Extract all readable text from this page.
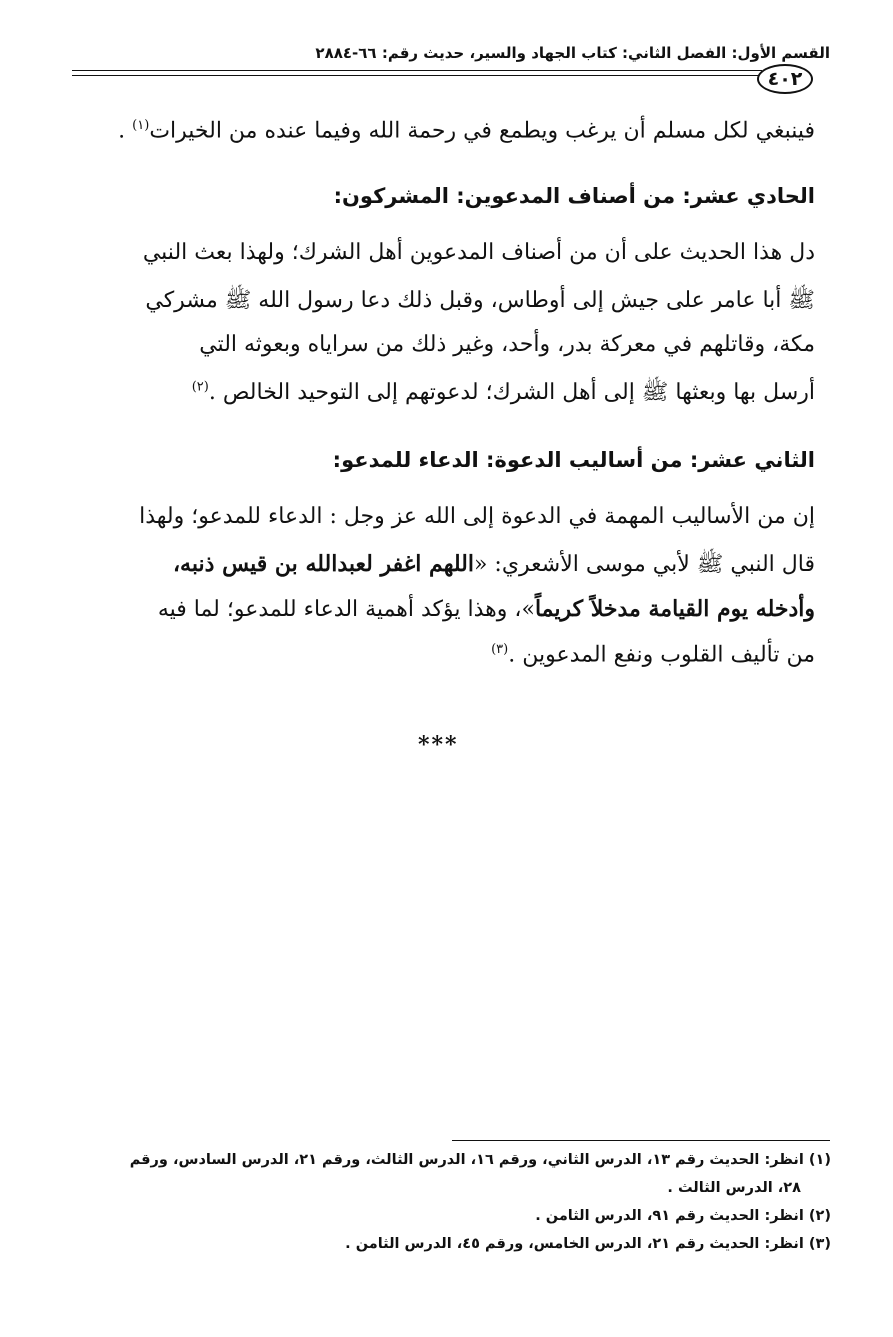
القسم الأول: الفصل الثاني: كتاب الجهاد والسير، حديث رقم: ٦٦-٢٨٨٤
٤٠٢
فينبغي لكل مسلم أن يرغب ويطمع في رحمة الله وفيما عنده من الخيرات$^{(١)}$ .
الحادي عشر: من أصناف المدعوين: المشركون:
دل هذا الحديث على أن من أصناف المدعوين أهل الشرك؛ ولهذا بعث النبي
ﷺ أبا عامر على جيش إلى أوطاس، وقبل ذلك دعا رسول الله ﷺ مشركي
مكة، وقاتلهم في معركة بدر، وأحد، وغير ذلك من سراياه وبعوثه التي
أرسل بها وبعثها ﷺ إلى أهل الشرك؛ لدعوتهم إلى التوحيد الخالص .$^{(٢)}$
الثاني عشر: من أساليب الدعوة: الدعاء للمدعو:
إن من الأساليب المهمة في الدعوة إلى الله عز وجل : الدعاء للمدعو؛ ولهذا
قال النبي ﷺ لأبي موسى الأشعري: «اللهم اغفر لعبدالله بن قيس ذنبه،
وأدخله يوم القيامة مدخلاً كريماً»، وهذا يؤكد أهمية الدعاء للمدعو؛ لما فيه
من تأليف القلوب ونفع المدعوين .$^{(٣)}$
***
(١) انظر: الحديث رقم ١٣، الدرس الثاني، ورقم ١٦، الدرس الثالث، ورقم ٢١، الدرس السادس، ورقم
٢٨، الدرس الثالث .
(٢) انظر: الحديث رقم ٩١، الدرس الثامن .
(٣) انظر: الحديث رقم ٢١، الدرس الخامس، ورقم ٤٥، الدرس الثامن .
